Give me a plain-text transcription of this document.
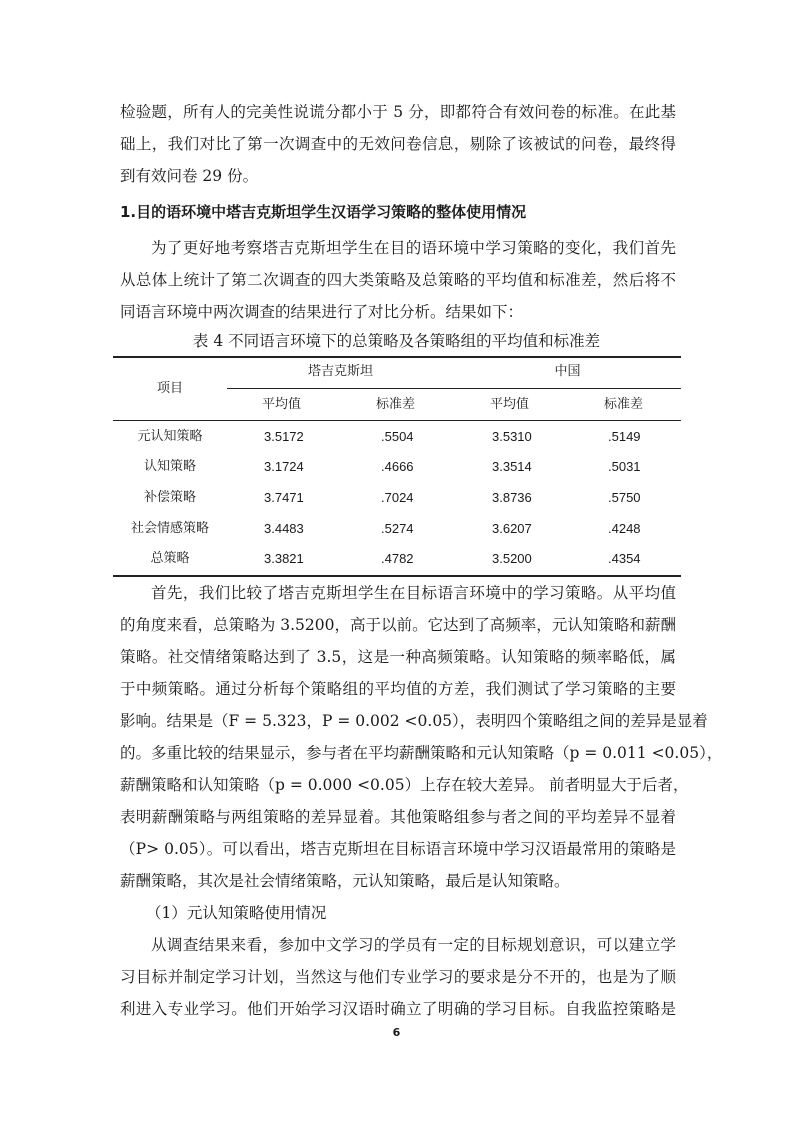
检验题，所有人的完美性说谎分都小于 5 分，即都符合有效问卷的标准。在此基
础上，我们对比了第一次调查中的无效问卷信息，剔除了该被试的问卷，最终得
到有效问卷 29 份。
1.目的语环境中塔吉克斯坦学生汉语学习策略的整体使用情况
为了更好地考察塔吉克斯坦学生在目的语环境中学习策略的变化，我们首先
从总体上统计了第二次调查的四大类策略及总策略的平均值和标准差，然后将不
同语言环境中两次调查的结果进行了对比分析。结果如下：
表 4 不同语言环境下的总策略及各策略组的平均值和标准差
项目
塔吉克斯坦	中国
平均值	标准差	平均值	标准差
元认知策略	3.5172	.5504	3.5310	.5149
认知策略	3.1724	.4666	3.3514	.5031
补偿策略	3.7471	.7024	3.8736	.5750
社会情感策略	3.4483	.5274	3.6207	.4248
总策略	3.3821	.4782	3.5200	.4354
首先，我们比较了塔吉克斯坦学生在目标语言环境中的学习策略。从平均值
的角度来看，总策略为 3.5200，高于以前。它达到了高频率，元认知策略和薪酬
策略。社交情绪策略达到了 3.5，这是一种高频策略。认知策略的频率略低，属
于中频策略。通过分析每个策略组的平均值的方差，我们测试了学习策略的主要
影响。结果是（F = 5.323，P = 0.002 <0.05），表明四个策略组之间的差异是显着
的。多重比较的结果显示，参与者在平均薪酬策略和元认知策略（p = 0.011 <0.05），
薪酬策略和认知策略（p = 0.000 <0.05）上存在较大差异。 前者明显大于后者，
表明薪酬策略与两组策略的差异显着。其他策略组参与者之间的平均差异不显着
（P> 0.05）。可以看出，塔吉克斯坦在目标语言环境中学习汉语最常用的策略是
薪酬策略，其次是社会情绪策略，元认知策略，最后是认知策略。
（1）元认知策略使用情况
从调查结果来看，参加中文学习的学员有一定的目标规划意识，可以建立学
习目标并制定学习计划，当然这与他们专业学习的要求是分不开的，也是为了顺
利进入专业学习。他们开始学习汉语时确立了明确的学习目标。自我监控策略是
6
